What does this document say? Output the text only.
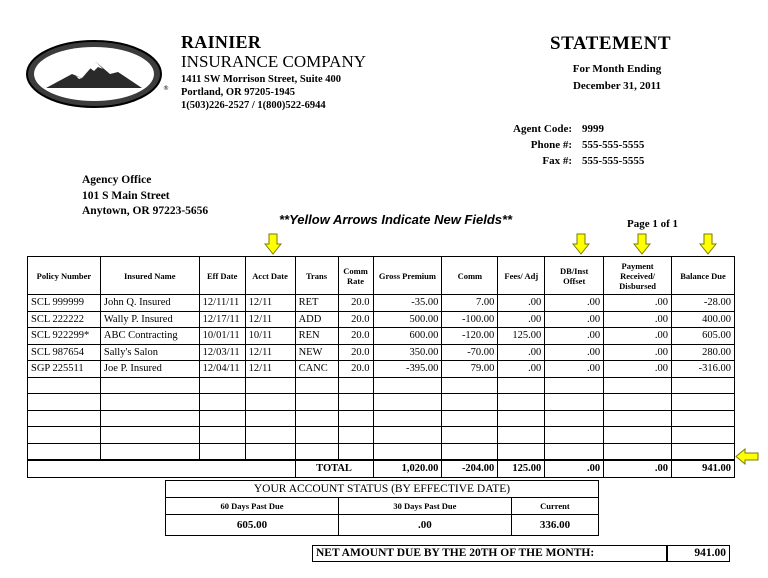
®
RAINIER
INSURANCE COMPANY
1411 SW Morrison Street, Suite 400
Portland, OR 97205-1945
1(503)226-2527 / 1(800)522-6944
STATEMENT
For Month Ending
December 31, 2011
Agent Code: 9999
Phone #: 555-555-5555
Fax #: 555-555-5555
Agency Office
101 S Main Street
Anytown, OR 97223-5656
**Yellow Arrows Indicate New Fields**	Page 1 of 1
Policy Number	Insured Name	Eff Date	Acct Date	Trans	Comm Rate	Gross Premium	Comm	Fees/ Adj	DB/Inst Offset	Payment Received/ Disbursed	Balance Due
SCL 999999	John Q. Insured	12/11/11	12/11	RET	20.0	-35.00	7.00	.00	.00	.00	-28.00
SCL 222222	Wally P. Insured	12/17/11	12/11	ADD	20.0	500.00	-100.00	.00	.00	.00	400.00
SCL 922299*	ABC Contracting	10/01/11	10/11	REN	20.0	600.00	-120.00	125.00	.00	.00	605.00
SCL 987654	Sally's Salon	12/03/11	12/11	NEW	20.0	350.00	-70.00	.00	.00	.00	280.00
SGP 225511	Joe P. Insured	12/04/11	12/11	CANC	20.0	-395.00	79.00	.00	.00	.00	-316.00

				TOTAL		1,020.00	-204.00	125.00	.00	.00	941.00
YOUR ACCOUNT STATUS (BY EFFECTIVE DATE)		
60 Days Past Due	30 Days Past Due	Current
605.00	.00	336.00
NET AMOUNT DUE BY THE 20TH OF THE MONTH:	941.00
